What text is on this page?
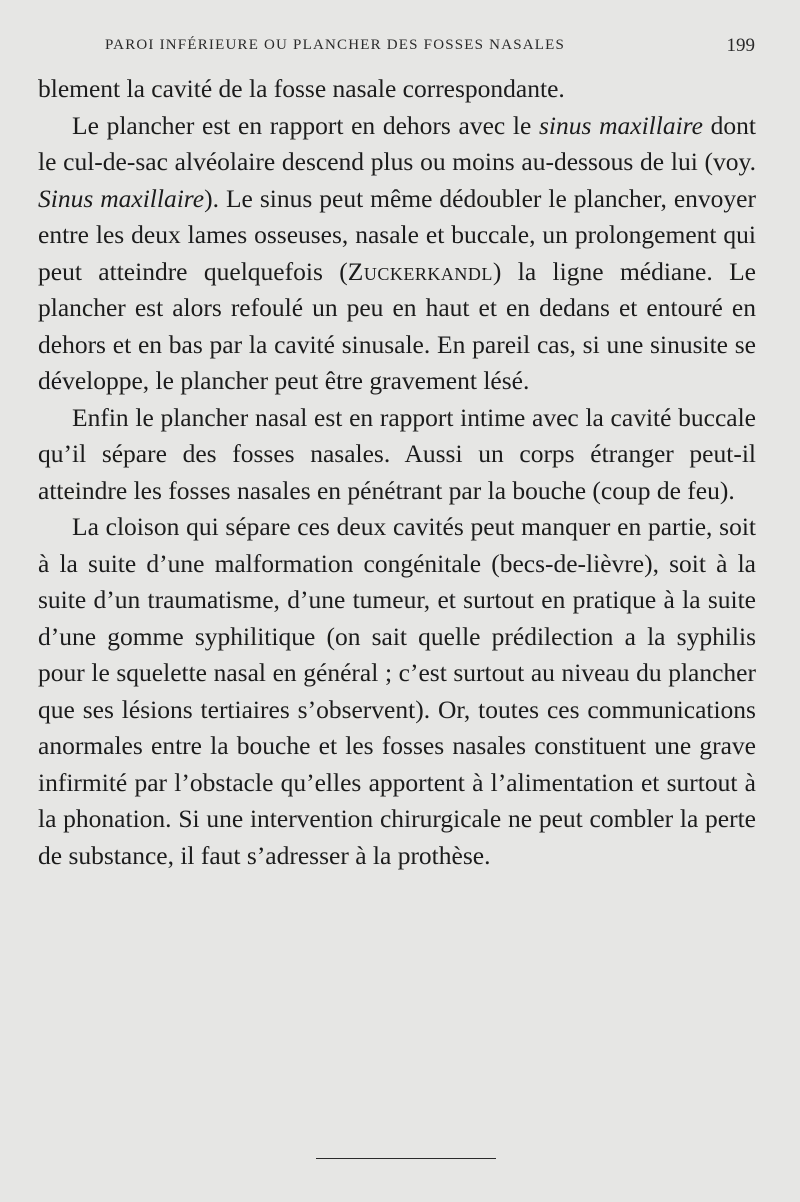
PAROI INFÉRIEURE OU PLANCHER DES FOSSES NASALES	199

blement la cavité de la fosse nasale correspondante.

Le plancher est en rapport en dehors avec le sinus maxillaire dont le cul-de-sac alvéolaire descend plus ou moins au-dessous de lui (voy. Sinus maxillaire). Le sinus peut même dédoubler le plancher, envoyer entre les deux lames osseuses, nasale et buccale, un prolongement qui peut atteindre quelquefois (Zuckerkandl) la ligne médiane. Le plancher est alors refoulé un peu en haut et en dedans et entouré en dehors et en bas par la cavité sinusale. En pareil cas, si une sinusite se développe, le plancher peut être gravement lésé.

Enfin le plancher nasal est en rapport intime avec la cavité buccale qu’il sépare des fosses nasales. Aussi un corps étranger peut-il atteindre les fosses nasales en pénétrant par la bouche (coup de feu).

La cloison qui sépare ces deux cavités peut manquer en partie, soit à la suite d’une malformation congénitale (becs-de-lièvre), soit à la suite d’un traumatisme, d’une tumeur, et surtout en pratique à la suite d’une gomme syphilitique (on sait quelle prédilection a la syphilis pour le squelette nasal en général ; c’est surtout au niveau du plancher que ses lésions tertiaires s’observent). Or, toutes ces communications anormales entre la bouche et les fosses nasales constituent une grave infirmité par l’obstacle qu’elles apportent à l’alimentation et surtout à la phonation. Si une intervention chirurgicale ne peut combler la perte de substance, il faut s’adresser à la prothèse.
